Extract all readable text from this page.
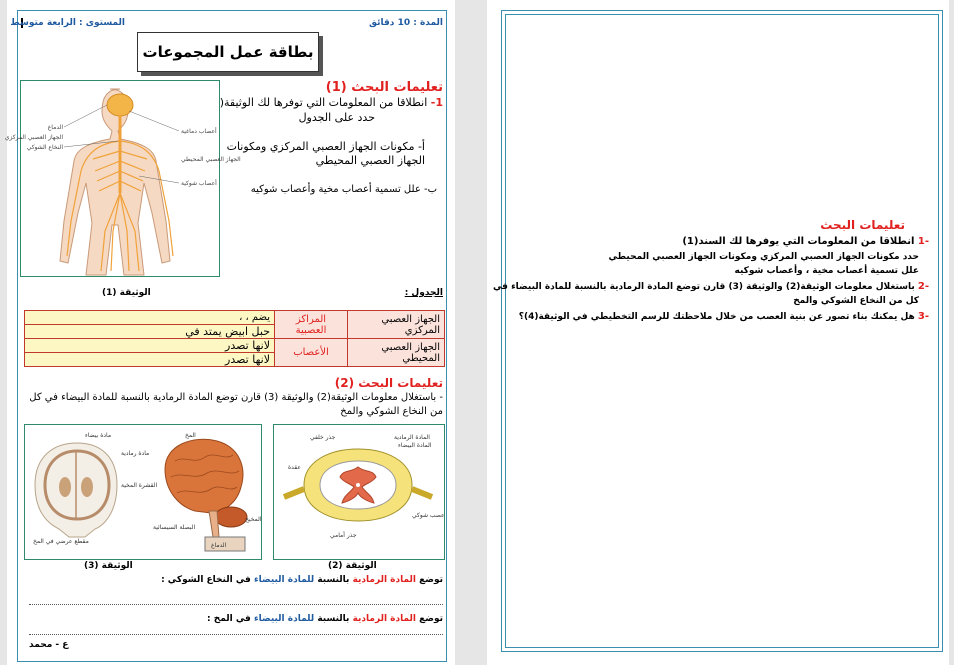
المدة : 10 دقائق
المستوى : الرابعة متوسط
بطاقة عمل المجموعات
تعليمات البحث (1)
1- انطلاقا من المعلومات التي توفرها لك الوثيقة(
حدد على الجدول
أ- مكونات الجهاز العصبي المركزي ومكونات
الجهاز العصبي المحيطي
ب- علل تسمية أعصاب مخية وأعصاب شوكيه
الدماغ
الجهاز العصبي المركزي
النخاع الشوكي
أعصاب دماغية
الجهاز العصبي المحيطي
أعصاب شوكية
الوثيقة (1)	الجدول :
الجهاز العصبي المركزي	المراكز العصبية	يضم ، ،
		حبل ابيض يمتد في
الجهاز العصبي المحيطي	الأعصاب	لانها تصدر
		لانها تصدر
تعليمات البحث (2)
- باستغلال معلومات الوثيقة(2) والوثيقة (3) قارن توضع المادة الرمادية بالنسبة للمادة البيضاء في كل
من النخاع الشوكي والمخ
مقطع عرضي في المخ
مادة بيضاء
مادة رمادية
القشرة المخية
المخ
المخيخ
البصلة السيسائية
الدماغ
الوثيقة (3)
المادة الرمادية
المادة البيضاء
عقدة
جذر خلفي
جذر أمامي
عصب شوكي
الوثيقة (2)
توضع المادة الرمادية بالنسبة للمادة البيضاء في النخاع الشوكي :
توضع المادة الرمادية بالنسبة للمادة البيضاء في المخ :
ع - محمد
تعليمات البحث
-1 انطلاقا من المعلومات التي يوفرها لك السند(1)
حدد مكونات الجهاز العصبي المركزي ومكونات الجهاز العصبي المحيطي
علل تسمية أعصاب مخية ، وأعصاب شوكيه
-2 باستغلال معلومات الوثيقة(2) والوثيقة (3) قارن توضع المادة الرمادية بالنسبة للمادة البيضاء في
كل من النخاع الشوكي والمخ
-3 هل يمكنك بناء تصور عن بنية العصب من خلال ملاحظتك للرسم التخطيطي في الوثيقة(4)؟
